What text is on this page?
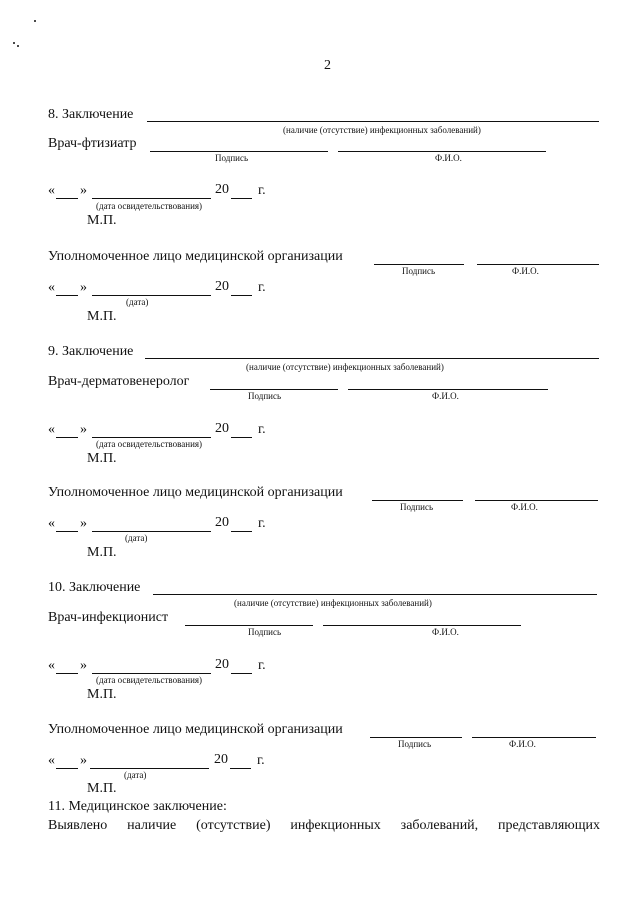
2
8. Заключение
(наличие (отсутствие) инфекционных заболеваний)
Врач-фтизиатр
Подпись	Ф.И.О.
« »	20 г.
(дата освидетельствования)
М.П.
Уполномоченное лицо медицинской организации
Подпись	Ф.И.О.
« »	20 г.
(дата)
М.П.
9. Заключение
(наличие (отсутствие) инфекционных заболеваний)
Врач-дерматовенеролог
Подпись	Ф.И.О.
« »	20 г.
(дата освидетельствования)
М.П.
Уполномоченное лицо медицинской организации
Подпись	Ф.И.О.
« »	20 г.
(дата)
М.П.
10. Заключение
(наличие (отсутствие) инфекционных заболеваний)
Врач-инфекционист
Подпись	Ф.И.О.
« »	20 г.
(дата освидетельствования)
М.П.
Уполномоченное лицо медицинской организации
Подпись	Ф.И.О.
« »	20 г.
(дата)
М.П.
11. Медицинское заключение:
Выявлено наличие (отсутствие) инфекционных заболеваний, представляющих
